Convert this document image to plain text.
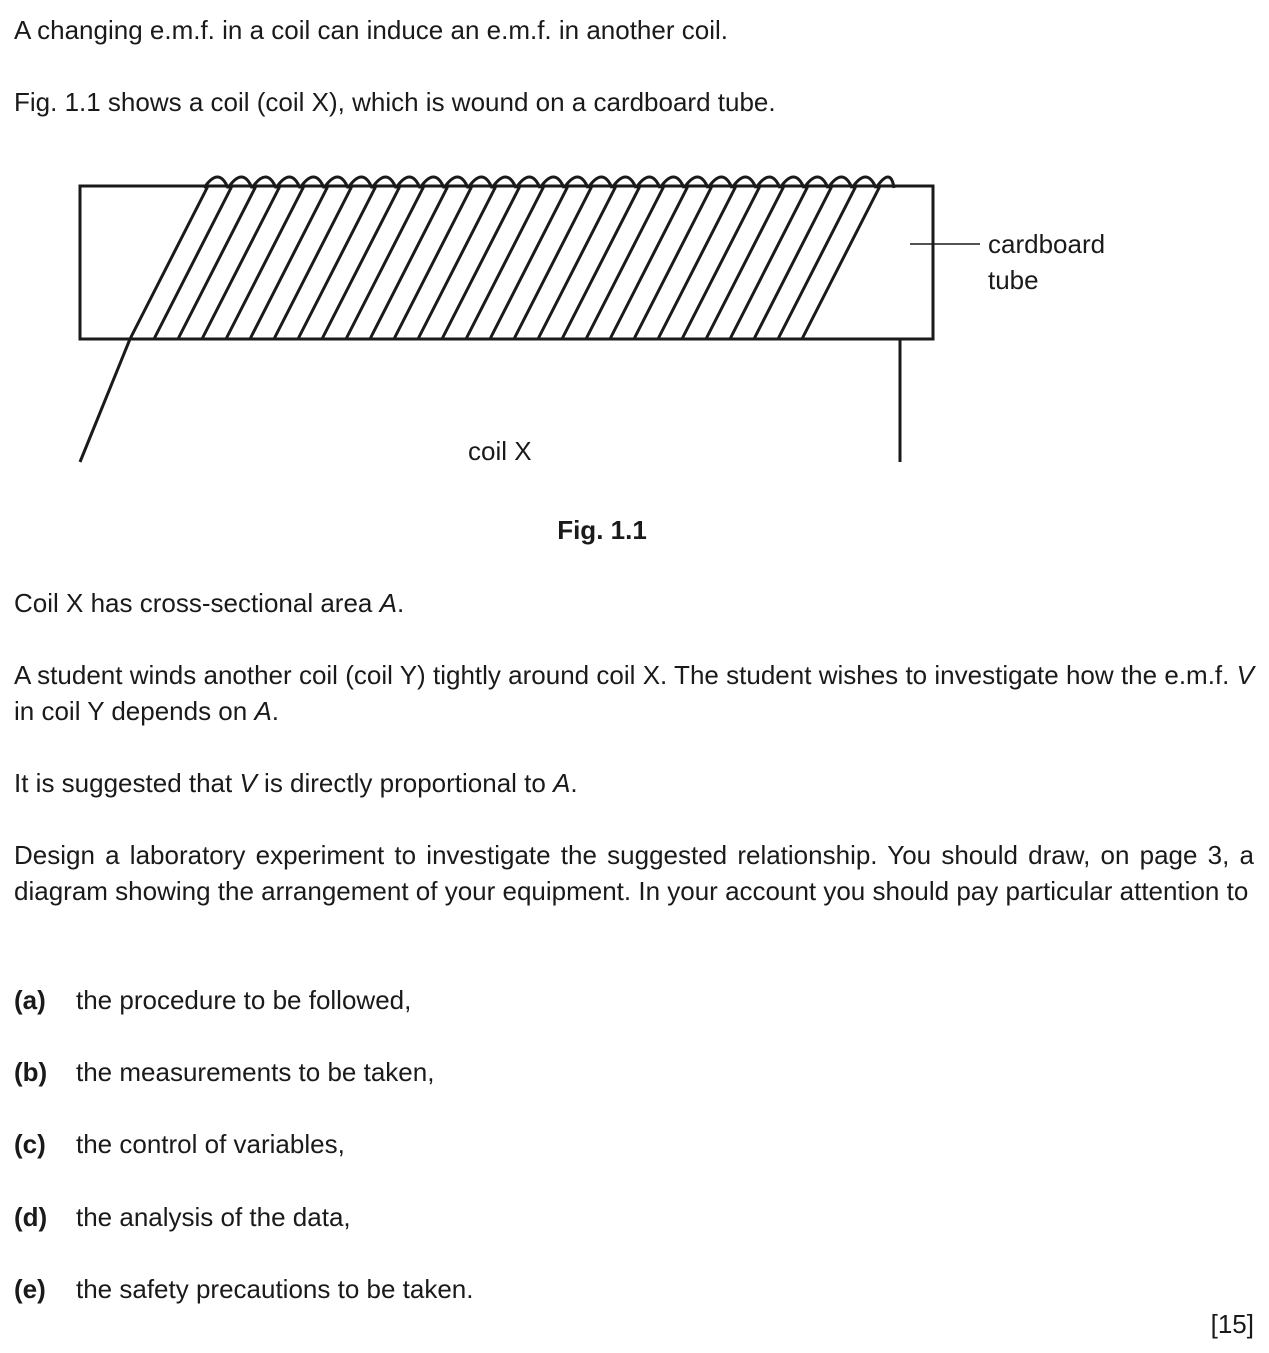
A changing e.m.f. in a coil can induce an e.m.f. in another coil.

Fig. 1.1 shows a coil (coil X), which is wound on a cardboard tube.

cardboard
tube
coil X
Fig. 1.1

Coil X has cross-sectional area A.

A student winds another coil (coil Y) tightly around coil X. The student wishes to investigate how the e.m.f. V in coil Y depends on A.

It is suggested that V is directly proportional to A.

Design a laboratory experiment to investigate the suggested relationship. You should draw, on page 3, a diagram showing the arrangement of your equipment. In your account you should pay particular attention to

(a) the procedure to be followed,
(b) the measurements to be taken,
(c) the control of variables,
(d) the analysis of the data,
(e) the safety precautions to be taken.
[15]
